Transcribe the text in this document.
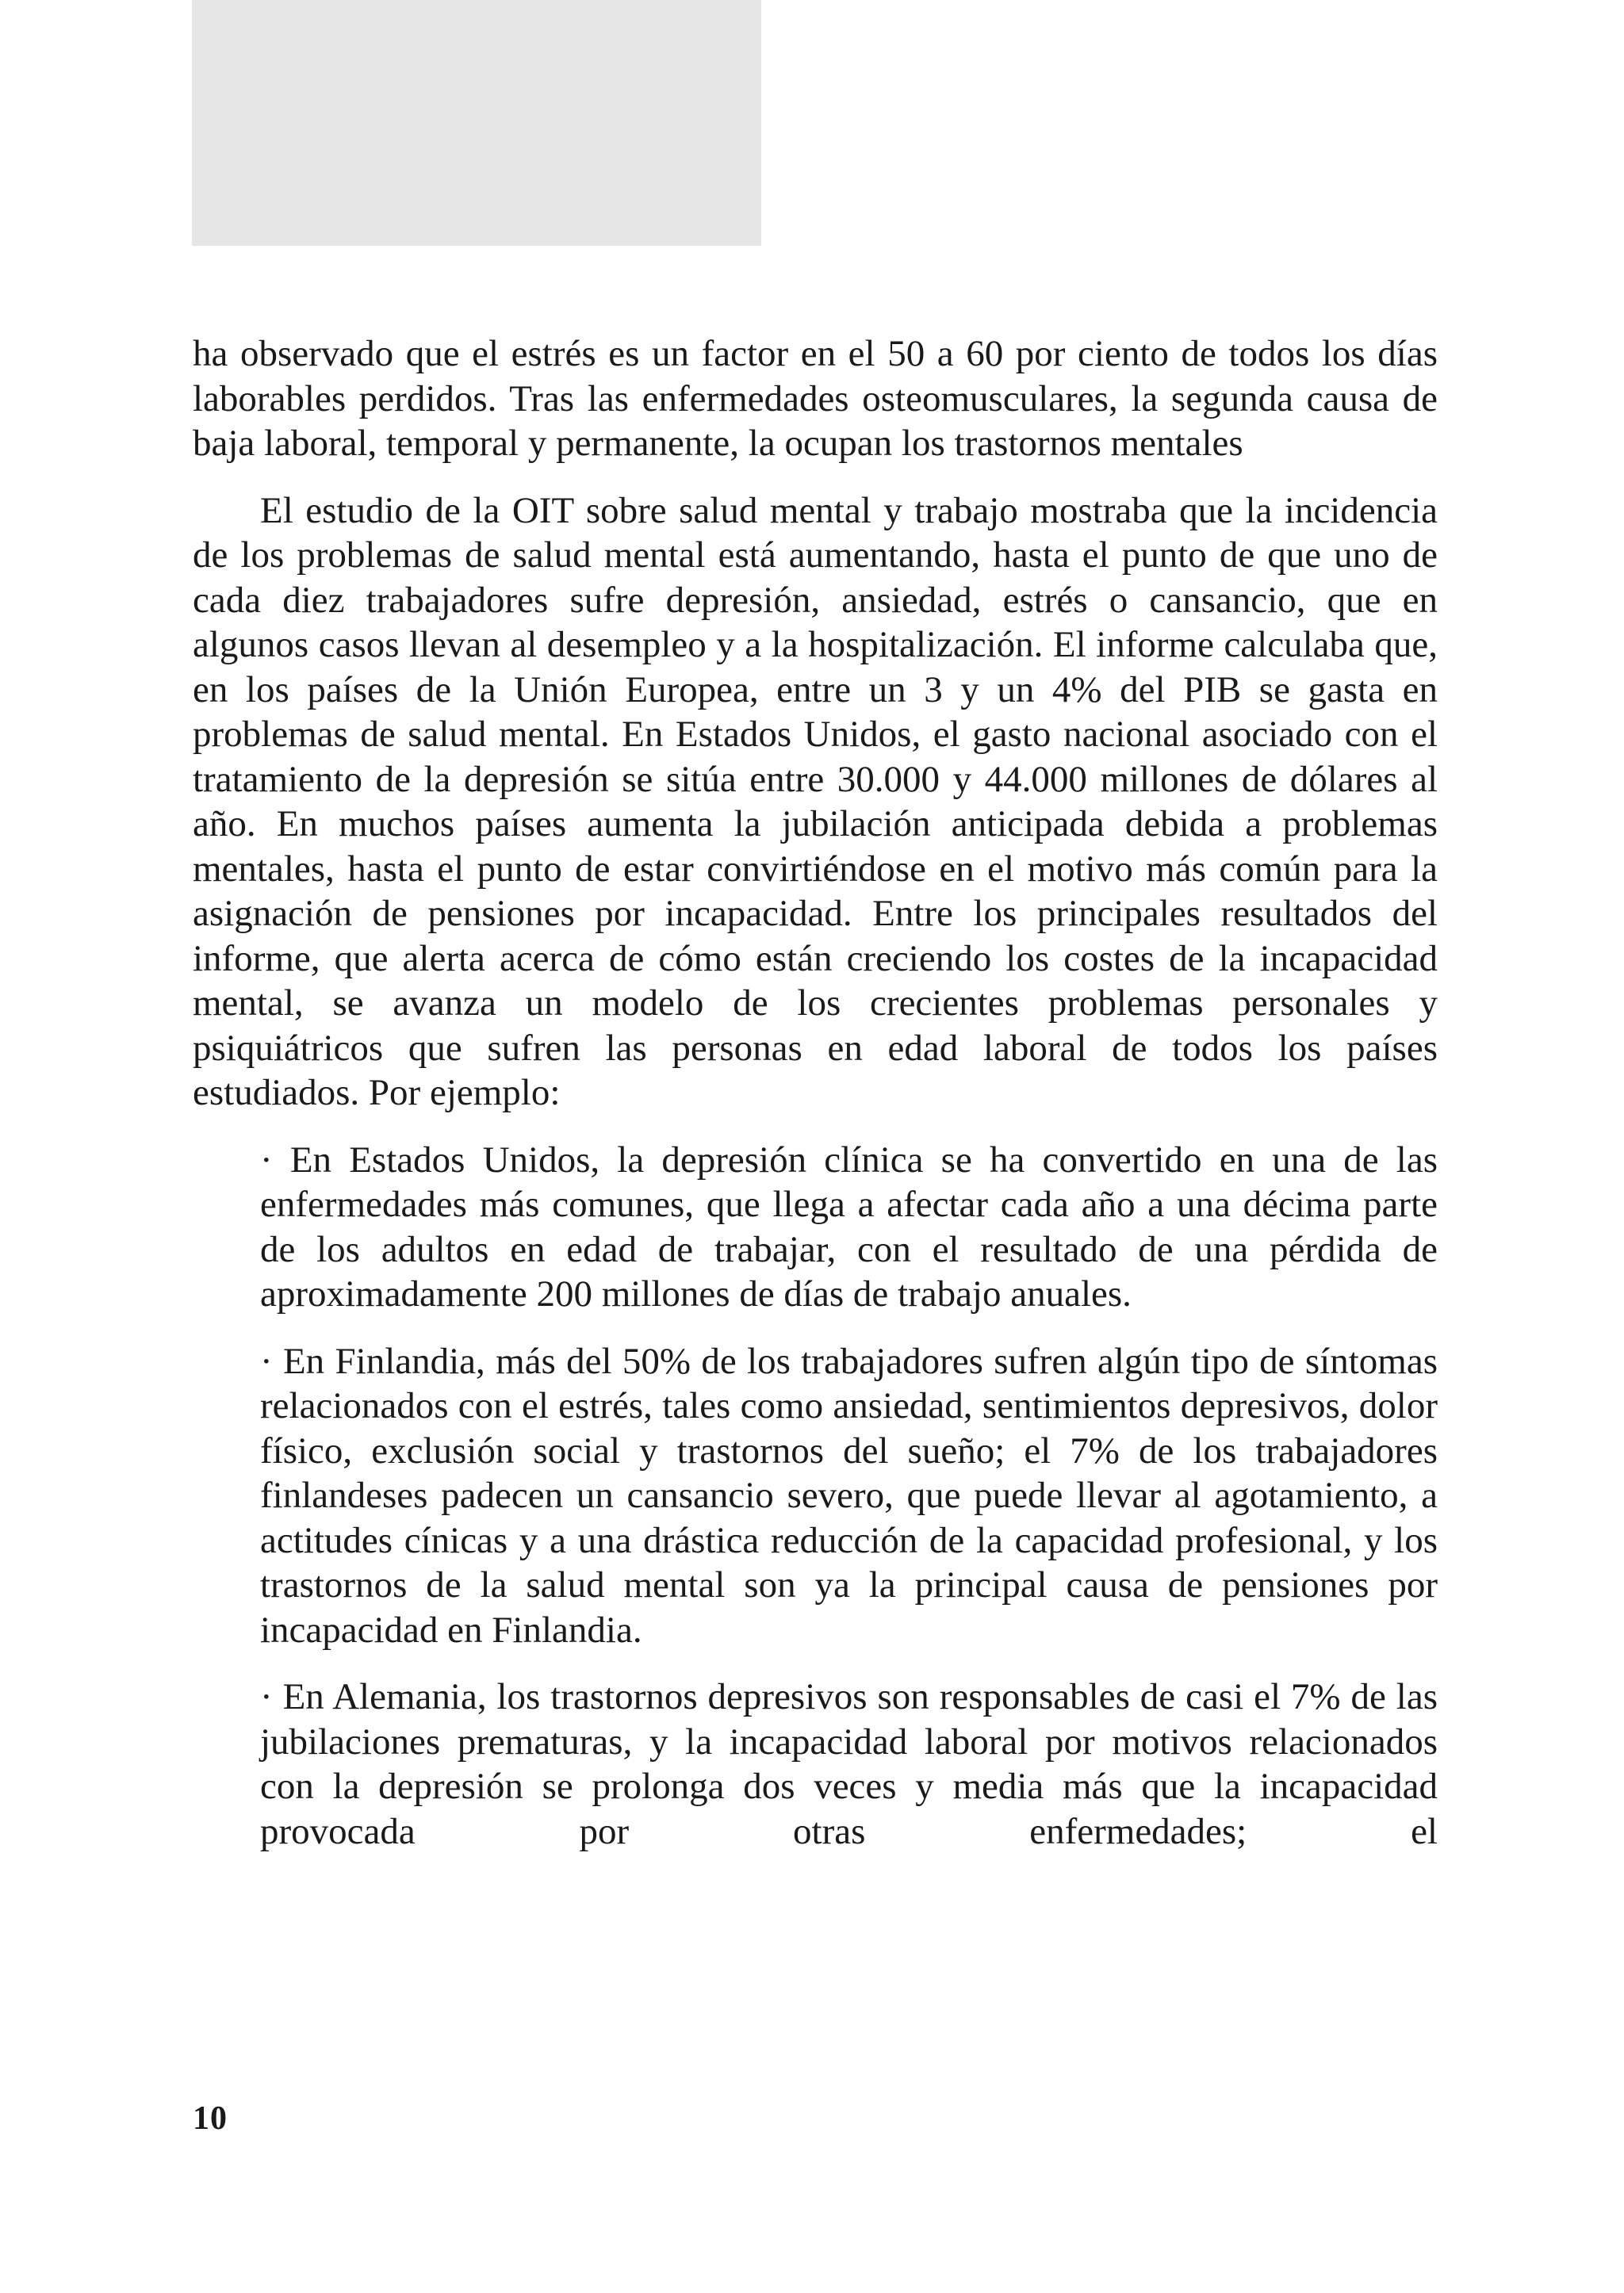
ha observado que el estrés es un factor en el 50 a 60 por ciento de todos los días laborables perdidos. Tras las enfermedades osteomusculares, la segunda causa de baja laboral, temporal y permanente, la ocupan los trastornos mentales

El estudio de la OIT sobre salud mental y trabajo mostraba que la incidencia de los problemas de salud mental está aumentando, hasta el punto de que uno de cada diez trabajadores sufre depresión, ansiedad, estrés o cansancio, que en algunos casos llevan al desempleo y a la hospitalización. El informe calculaba que, en los países de la Unión Europea, entre un 3 y un 4% del PIB se gasta en problemas de salud mental. En Estados Unidos, el gasto nacional asociado con el tratamiento de la depresión se sitúa entre 30.000 y 44.000 millones de dólares al año. En muchos países aumenta la jubilación anticipada debida a problemas mentales, hasta el punto de estar convirtiéndose en el motivo más común para la asignación de pensiones por incapacidad. Entre los principales resultados del informe, que alerta acerca de cómo están creciendo los costes de la incapacidad mental, se avanza un modelo de los crecientes problemas personales y psiquiátricos que sufren las personas en edad laboral de todos los países estudiados. Por ejemplo:

· En Estados Unidos, la depresión clínica se ha convertido en una de las enfermedades más comunes, que llega a afectar cada año a una décima parte de los adultos en edad de trabajar, con el resultado de una pérdida de aproximadamente 200 millones de días de trabajo anuales.

· En Finlandia, más del 50% de los trabajadores sufren algún tipo de síntomas relacionados con el estrés, tales como ansiedad, sentimientos depresivos, dolor físico, exclusión social y trastornos del sueño; el 7% de los trabajadores finlandeses padecen un cansancio severo, que puede llevar al agotamiento, a actitudes cínicas y a una drástica reducción de la capacidad profesional, y los trastornos de la salud mental son ya la principal causa de pensiones por incapacidad en Finlandia.

· En Alemania, los trastornos depresivos son responsables de casi el 7% de las jubilaciones prematuras, y la incapacidad laboral por motivos relacionados con la depresión se prolonga dos veces y media más que la incapacidad provocada por otras enfermedades; el

10
